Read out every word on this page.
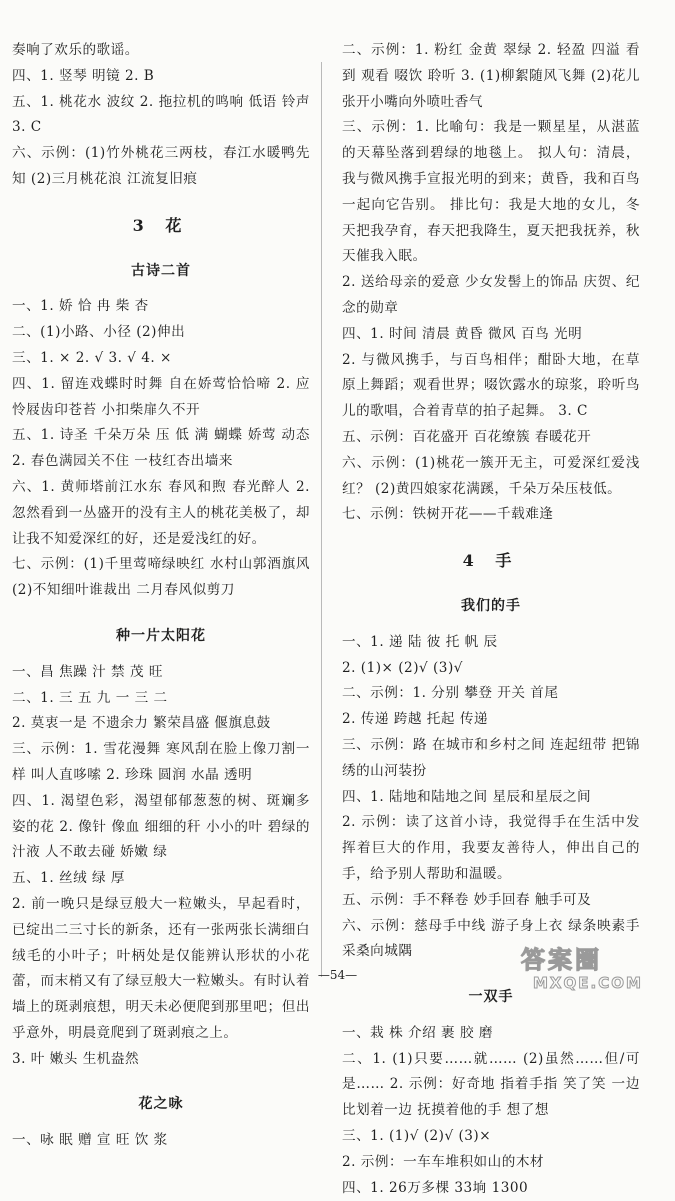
奏响了欢乐的歌谣。
四、1. 竖琴 明镜 2. B
五、1. 桃花水 波纹 2. 拖拉机的鸣响 低语 铃声 3. C
六、示例：(1)竹外桃花三两枝，春江水暖鸭先知 (2)三月桃花浪 江流复旧痕
3 花
古诗二首
一、1. 娇 恰 冉 柴 杏
二、(1)小路、小径 (2)伸出
三、1. × 2. √ 3. √ 4. ×
四、1. 留连戏蝶时时舞 自在娇莺恰恰啼 2. 应怜屐齿印苍苔 小扣柴扉久不开
五、1. 诗圣 千朵万朵 压 低 满 蝴蝶 娇莺 动态 2. 春色满园关不住 一枝红杏出墙来
六、1. 黄师塔前江水东 春风和煦 春光醉人 2. 忽然看到一丛盛开的没有主人的桃花美极了，却让我不知爱深红的好，还是爱浅红的好。
七、示例：(1)千里莺啼绿映红 水村山郭酒旗风 (2)不知细叶谁裁出 二月春风似剪刀
种一片太阳花
一、昌 焦躁 汁 禁 茂 旺
二、1. 三 五 九 一 三 二
2. 莫衷一是 不遗余力 繁荣昌盛 偃旗息鼓
三、示例：1. 雪花漫舞 寒风刮在脸上像刀割一样 叫人直哆嗦 2. 珍珠 圆润 水晶 透明
四、1. 渴望色彩，渴望郁郁葱葱的树、斑斓多姿的花 2. 像针 像血 细细的秆 小小的叶 碧绿的汁液 人不敢去碰 娇嫩 绿
五、1. 丝绒 绿 厚
2. 前一晚只是绿豆般大一粒嫩头，早起看时，已绽出二三寸长的新条，还有一张两张长满细白绒毛的小叶子；叶柄处是仅能辨认形状的小花蕾，而末梢又有了绿豆般大一粒嫩头。有时认着墙上的斑剥痕想，明天未必便爬到那里吧；但出乎意外，明晨竟爬到了斑剥痕之上。
3. 叶 嫩头 生机盎然
花之咏
一、咏 眠 赠 宣 旺 饮 浆
二、示例：1. 粉红 金黄 翠绿 2. 轻盈 四溢 看到 观看 啜饮 聆听 3. (1)柳絮随风飞舞 (2)花儿张开小嘴向外喷吐香气
三、示例：1. 比喻句：我是一颗星星，从湛蓝的天幕坠落到碧绿的地毯上。 拟人句：清晨，我与微风携手宣报光明的到来；黄昏，我和百鸟一起向它告别。 排比句：我是大地的女儿，冬天把我孕育，春天把我降生，夏天把我抚养，秋天催我入眠。
2. 送给母亲的爱意 少女发髻上的饰品 庆贺、纪念的勋章
四、1. 时间 清晨 黄昏 微风 百鸟 光明
2. 与微风携手，与百鸟相伴；酣卧大地，在草原上舞蹈；观看世界；啜饮露水的琼浆，聆听鸟儿的歌唱，合着青草的拍子起舞。 3. C
五、示例：百花盛开 百花缭簇 春暖花开
六、示例：(1)桃花一簇开无主，可爱深红爱浅红？ (2)黄四娘家花满蹊，千朵万朵压枝低。
七、示例：铁树开花——千载难逢
4 手
我们的手
一、1. 递 陆 彼 托 帆 辰
2. (1)× (2)√ (3)√
二、示例：1. 分别 攀登 开关 首尾
2. 传递 跨越 托起 传递
三、示例：路 在城市和乡村之间 连起纽带 把锦绣的山河装扮
四、1. 陆地和陆地之间 星辰和星辰之间
2. 示例：读了这首小诗，我觉得手在生活中发挥着巨大的作用，我要友善待人，伸出自己的手，给予别人帮助和温暖。
五、示例：手不释卷 妙手回春 触手可及
六、示例：慈母手中线 游子身上衣 绿条映素手 采桑向城隅
一双手
一、栽 株 介绍 裹 胶 磨
二、1. (1)只要……就…… (2)虽然……但/可是…… 2. 示例：好奇地 指着手指 笑了笑 一边比划着一边 抚摸着他的手 想了想
三、1. (1)√ (2)√ (3)×
2. 示例：一车车堆积如山的木材
四、1. 26万多棵 33垧 1300
—54—
答案圈
MXQE.COM
